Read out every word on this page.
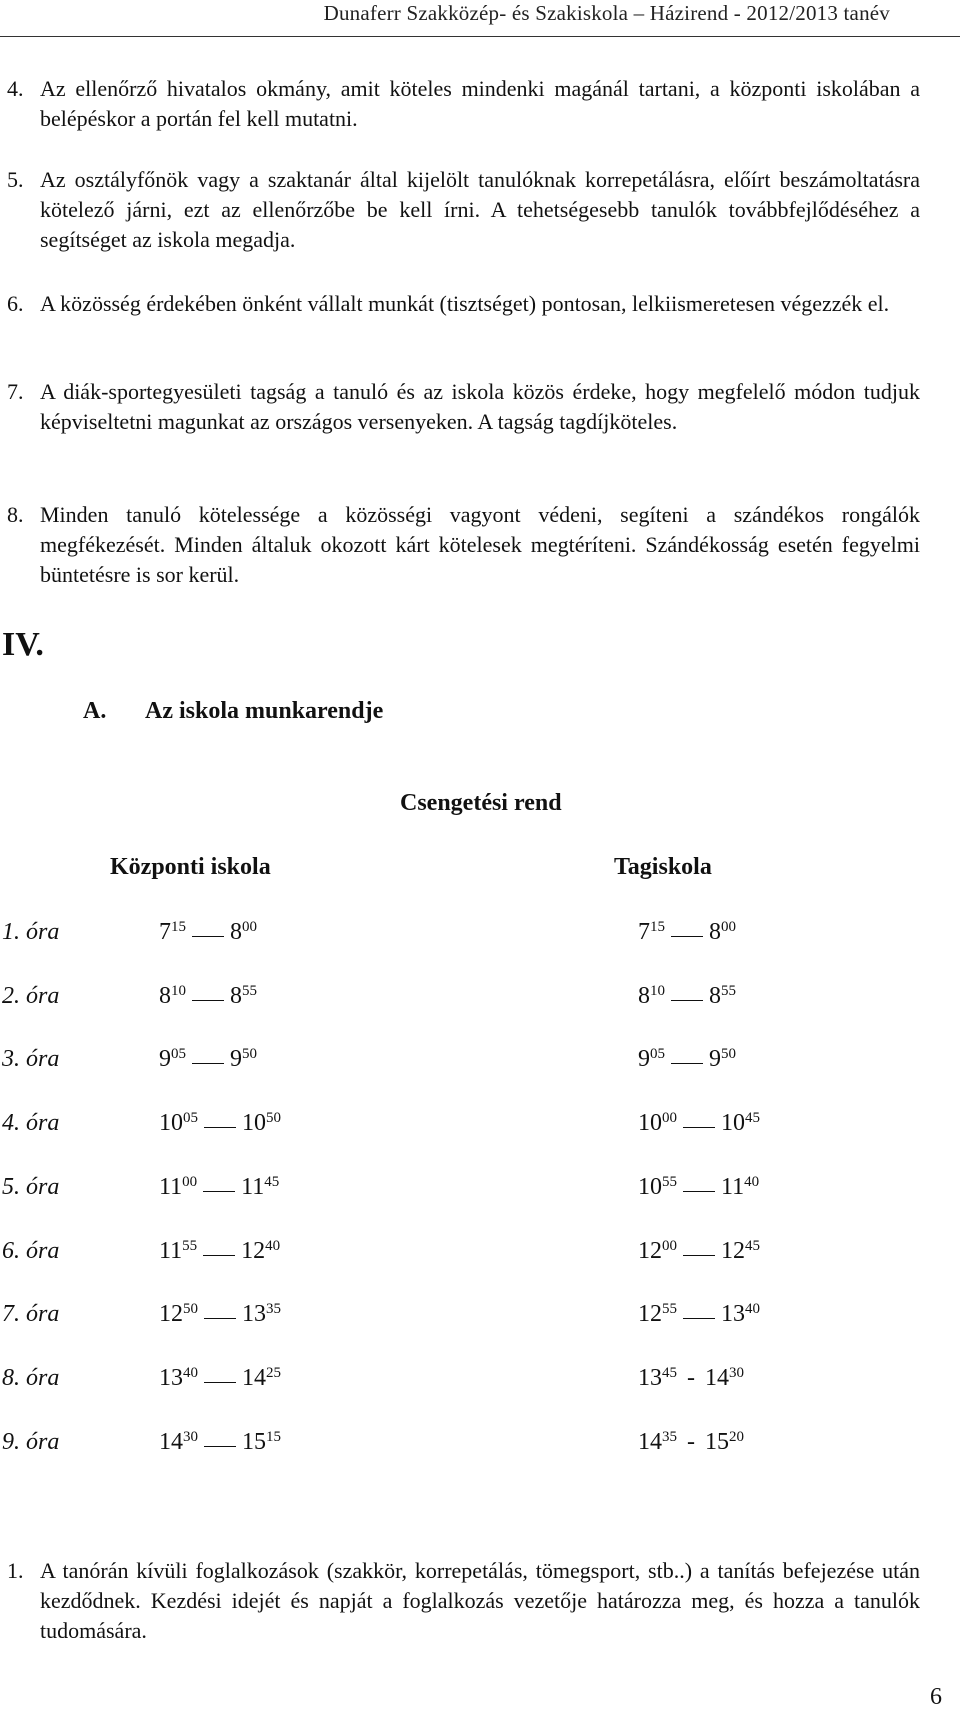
Dunaferr Szakközép- és Szakiskola – Házirend - 2012/2013 tanév
4. Az ellenőrző hivatalos okmány, amit köteles mindenki magánál tartani, a központi iskolában a belépéskor a portán fel kell mutatni.
5. Az osztályfőnök vagy a szaktanár által kijelölt tanulóknak korrepetálásra, előírt beszámoltatásra kötelező járni, ezt az ellenőrzőbe be kell írni. A tehetségesebb tanulók továbbfejlődéséhez a segítséget az iskola megadja.
6. A közösség érdekében önként vállalt munkát (tisztséget) pontosan, lelkiismeretesen végezzék el.
7. A diák-sportegyesületi tagság a tanuló és az iskola közös érdeke, hogy megfelelő módon tudjuk képviseltetni magunkat az országos versenyeken. A tagság tagdíjköteles.
8. Minden tanuló kötelessége a közösségi vagyont védeni, segíteni a szándékos rongálók megfékezését. Minden általuk okozott kárt kötelesek megtéríteni. Szándékosság esetén fegyelmi büntetésre is sor kerül.
IV.
A. Az iskola munkarendje
Csengetési rend
Központi iskola	Tagiskola
1. óra	$7^{15}$ $8^{00}$	$7^{15}$ $8^{00}$
2. óra	$8^{10}$ $8^{55}$	$8^{10}$ $8^{55}$
3. óra	$9^{05}$ $9^{50}$	$9^{05}$ $9^{50}$
4. óra	$10^{05}$ $10^{50}$	$10^{00}$ $10^{45}$
5. óra	$11^{00}$ $11^{45}$	$10^{55}$ $11^{40}$
6. óra	$11^{55}$ $12^{40}$	$12^{00}$ $12^{45}$
7. óra	$12^{50}$ $13^{35}$	$12^{55}$ $13^{40}$
8. óra	$13^{40}$ $14^{25}$	$13^{45} - 14^{30}$
9. óra	$14^{30}$ $15^{15}$	$14^{35} - 15^{20}$
1. A tanórán kívüli foglalkozások (szakkör, korrepetálás, tömegsport, stb..) a tanítás befejezése után kezdődnek. Kezdési idejét és napját a foglalkozás vezetője határozza meg, és hozza a tanulók tudomására.
6
